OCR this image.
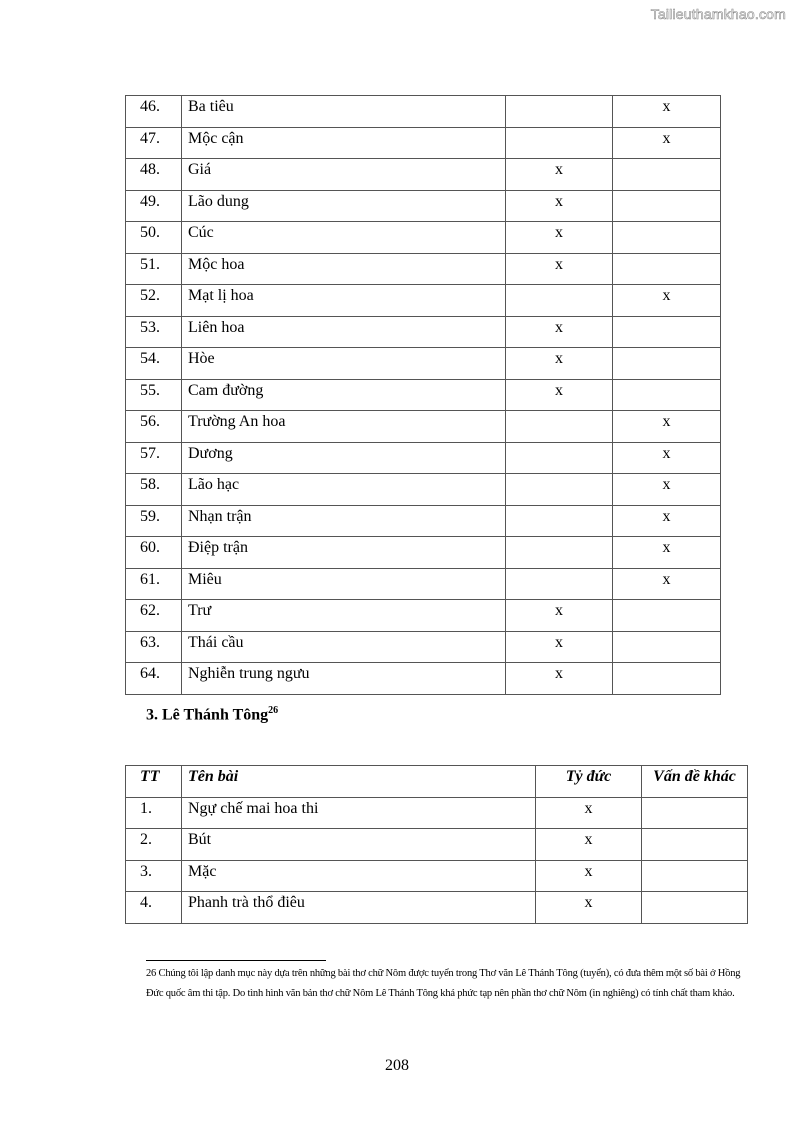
Tailieuthamkhao.com
46.	Ba tiêu		x
47.	Mộc cận		x
48.	Giá	x	
49.	Lão dung	x	
50.	Cúc	x	
51.	Mộc hoa	x	
52.	Mạt lị hoa		x
53.	Liên hoa	x	
54.	Hòe	x	
55.	Cam đường	x	
56.	Trường An hoa		x
57.	Dương		x
58.	Lão hạc		x
59.	Nhạn trận		x
60.	Điệp trận		x
61.	Miêu		x
62.	Trư	x	
63.	Thái cầu	x	
64.	Nghiễn trung ngưu	x	
3. Lê Thánh Tông$^{26}$
TT	Tên bài	Tỷ đức	Vấn đề khác
1.	Ngự chế mai hoa thi	x	
2.	Bút	x	
3.	Mặc	x	
4.	Phanh trà thổ điêu	x	
26 Chúng tôi lập danh mục này dựa trên những bài thơ chữ Nôm được tuyển trong Thơ văn Lê Thánh Tông (tuyển), có đưa thêm một số bài ở Hồng Đức quốc âm thi tập. Do tình hình văn bản thơ chữ Nôm Lê Thánh Tông khá phức tạp nên phần thơ chữ Nôm (in nghiêng) có tính chất tham khảo.
208
